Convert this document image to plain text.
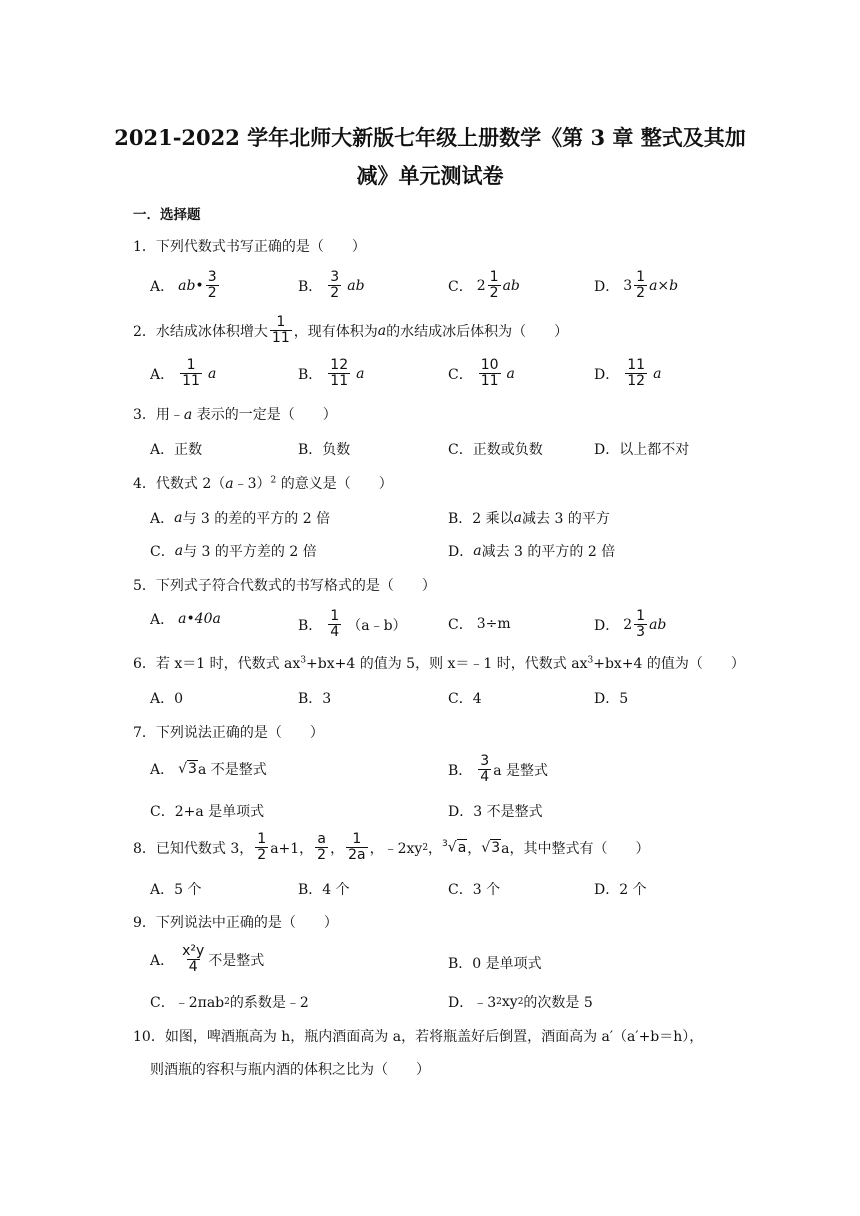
2021-2022 学年北师大新版七年级上册数学《第 3 章 整式及其加
减》单元测试卷
一．选择题
1．下列代数式书写正确的是（　　）
A． ab• $\frac{3}{2}$	B． $\frac{3}{2}$ ab	C． $2 \frac{1}{2}$ ab	D． $3 \frac{1}{2} a\times b$
2．水结成冰体积增大 $\frac{1}{11}$ ，现有体积为 a 的水结成冰后体积为（　　）
A． $\frac{1}{11}$ a	B． $\frac{12}{11}$ a	C． $\frac{10}{11}$ a	D． $\frac{11}{12}$ a
3．用﹣a 表示的一定是（　　）
A．正数	B．负数	C．正数或负数	D．以上都不对
4．代数式 2（a﹣3）$^2$ 的意义是（　　）
A． a 与 3 的差的平方的 2 倍	B．2 乘以 a 减去 3 的平方
C． a 与 3 的平方差的 2 倍	D． a 减去 3 的平方的 2 倍
5．下列式子符合代数式的书写格式的是（　　）
A． a•40a	B． $\frac{1}{4}$ （a﹣b）	C． 3÷m	D． $2 \frac{1}{3}$ ab
6．若 x＝1 时，代数式 $ax^3+bx+4$ 的值为 5，则 x＝﹣1 时，代数式 $ax^3+bx+4$ 的值为（　　）
A．0	B．3	C．4	D．5
7．下列说法正确的是（　　）
A． √3 a 不是整式	B． $\frac{3}{4}$ a 是整式
C．2+a 是单项式	D．3 不是整式
8．已知代数式 3， $\frac{1}{2} a+1$， $\frac{a}{2}$ ， $\frac{1}{2a}$ ，﹣2xy 2 ， $^3$√a ， √3 a，其中整式有（　　）
A．5 个	B．4 个	C．3 个	D．2 个
9．下列说法中正确的是（　　）
A． $\frac{\text{x²y}}{4}$ 不是整式	B．0 是单项式
C．﹣2πab 2 的系数是﹣2	D．﹣3 2 xy 2 的次数是 5
10．如图，啤酒瓶高为 h，瓶内酒面高为 a，若将瓶盖好后倒置，酒面高为 a′（a′+b＝h），
则酒瓶的容积与瓶内酒的体积之比为（　　）
